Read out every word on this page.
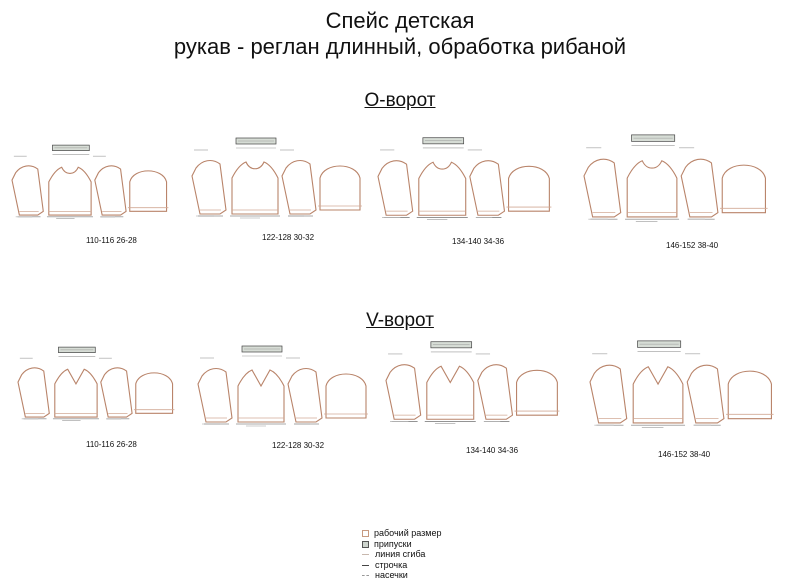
Спейс детская
рукав - реглан длинный, обработка рибаной
О-ворот
V-ворот
110-116 26-28	122-128 30-32	134-140 34-36	146-152 38-40
110-116 26-28	122-128 30-32
134-140 34-36	146-152 38-40
рабочий размер
припуски
линия сгиба
строчка
насечки
